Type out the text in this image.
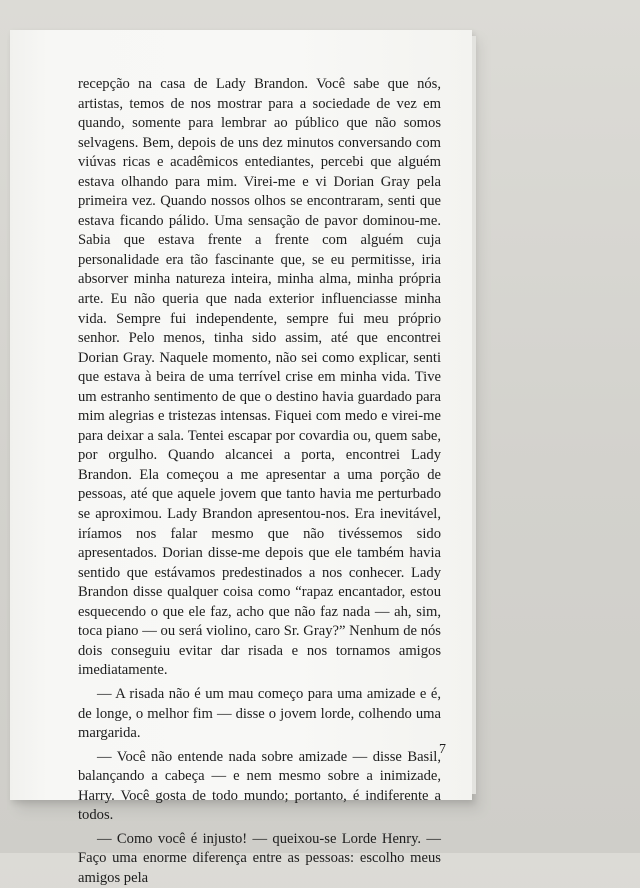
recepção na casa de Lady Brandon. Você sabe que nós, artistas, temos de nos mostrar para a sociedade de vez em quando, somente para lembrar ao público que não somos selvagens. Bem, depois de uns dez minutos conversando com viúvas ricas e acadêmicos entediantes, percebi que alguém estava olhando para mim. Virei-me e vi Dorian Gray pela primeira vez. Quando nossos olhos se encontraram, senti que estava ficando pálido. Uma sensação de pavor dominou-me. Sabia que estava frente a frente com alguém cuja personalidade era tão fascinante que, se eu permitisse, iria absorver minha natureza inteira, minha alma, minha própria arte. Eu não queria que nada exterior influenciasse minha vida. Sempre fui independente, sempre fui meu próprio senhor. Pelo menos, tinha sido assim, até que encontrei Dorian Gray. Naquele momento, não sei como explicar, senti que estava à beira de uma terrível crise em minha vida. Tive um estranho sentimento de que o destino havia guardado para mim alegrias e tristezas intensas. Fiquei com medo e virei-me para deixar a sala. Tentei escapar por covardia ou, quem sabe, por orgulho. Quando alcancei a porta, encontrei Lady Brandon. Ela começou a me apresentar a uma porção de pessoas, até que aquele jovem que tanto havia me perturbado se aproximou. Lady Brandon apresentou-nos. Era inevitável, iríamos nos falar mesmo que não tivéssemos sido apresentados. Dorian disse-me depois que ele também havia sentido que estávamos predestinados a nos conhecer. Lady Brandon disse qualquer coisa como “rapaz encantador, estou esquecendo o que ele faz, acho que não faz nada — ah, sim, toca piano — ou será violino, caro Sr. Gray?” Nenhum de nós dois conseguiu evitar dar risada e nos tornamos amigos imediatamente.

— A risada não é um mau começo para uma amizade e é, de longe, o melhor fim — disse o jovem lorde, colhendo uma margarida.

— Você não entende nada sobre amizade — disse Basil, balançando a cabeça — e nem mesmo sobre a inimizade, Harry. Você gosta de todo mundo; portanto, é indiferente a todos.

— Como você é injusto! — queixou-se Lorde Henry. — Faço uma enorme diferença entre as pessoas: escolho meus amigos pela

7
